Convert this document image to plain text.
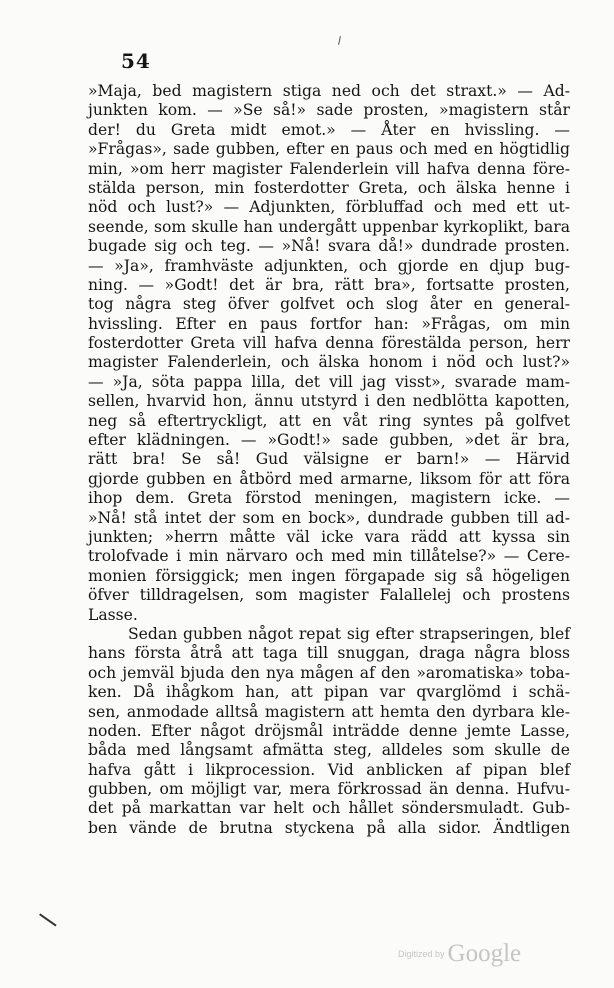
54
»Maja, bed magistern stiga ned och det straxt.» — Ad-
junkten kom. — »Se så!» sade prosten, »magistern står
der! du Greta midt emot.» — Åter en hvissling. —
»Frågas», sade gubben, efter en paus och med en högtidlig
min, »om herr magister Falenderlein vill hafva denna före-
stälda person, min fosterdotter Greta, och älska henne i
nöd och lust?» — Adjunkten, förbluffad och med ett ut-
seende, som skulle han undergått uppenbar kyrkoplikt, bara
bugade sig och teg. — »Nå! svara då!» dundrade prosten.
— »Ja», framhväste adjunkten, och gjorde en djup bug-
ning. — »Godt! det är bra, rätt bra», fortsatte prosten,
tog några steg öfver golfvet och slog åter en general-
hvissling. Efter en paus fortfor han: »Frågas, om min
fosterdotter Greta vill hafva denna förestälda person, herr
magister Falenderlein, och älska honom i nöd och lust?»
— »Ja, söta pappa lilla, det vill jag visst», svarade mam-
sellen, hvarvid hon, ännu utstyrd i den nedblötta kapotten,
neg så eftertryckligt, att en våt ring syntes på golfvet
efter klädningen. — »Godt!» sade gubben, »det är bra,
rätt bra! Se så! Gud välsigne er barn!» — Härvid
gjorde gubben en åtbörd med armarne, liksom för att föra
ihop dem. Greta förstod meningen, magistern icke. —
»Nå! stå intet der som en bock», dundrade gubben till ad-
junkten; »herrn måtte väl icke vara rädd att kyssa sin
trolofvade i min närvaro och med min tillåtelse?» — Cere-
monien försiggick; men ingen förgapade sig så högeligen
öfver tilldragelsen, som magister Falallelej och prostens
Lasse.
Sedan gubben något repat sig efter strapseringen, blef
hans första åtrå att taga till snuggan, draga några bloss
och jemväl bjuda den nya mågen af den »aromatiska» toba-
ken. Då ihågkom han, att pipan var qvarglömd i schä-
sen, anmodade alltså magistern att hemta den dyrbara kle-
noden. Efter något dröjsmål inträdde denne jemte Lasse,
båda med långsamt afmätta steg, alldeles som skulle de
hafva gått i likprocession. Vid anblicken af pipan blef
gubben, om möjligt var, mera förkrossad än denna. Hufvu-
det på markattan var helt och hållet söndersmuladt. Gub-
ben vände de brutna styckena på alla sidor. Ändtligen
Digitized by Google
